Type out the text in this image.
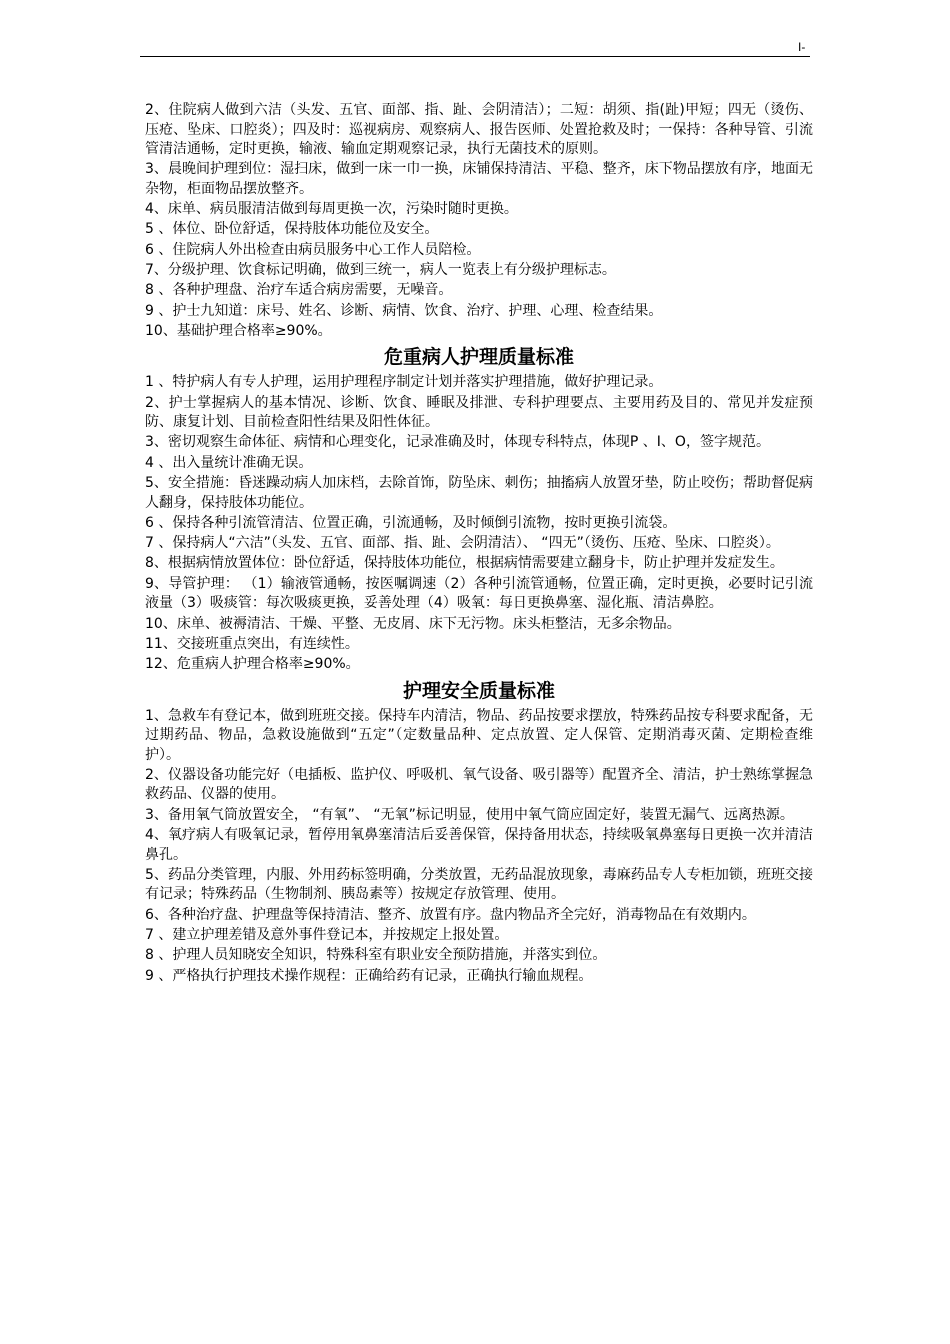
I-

2、住院病人做到六洁（头发、五官、面部、指、趾、会阴清洁）；二短：胡须、指(趾)甲短；四无（烫伤、压疮、坠床、口腔炎）；四及时：巡视病房、观察病人、报告医师、处置抢救及时；一保持：各种导管、引流管清洁通畅，定时更换，输液、输血定期观察记录，执行无菌技术的原则。

3、晨晚间护理到位：湿扫床，做到一床一巾一换，床铺保持清洁、平稳、整齐，床下物品摆放有序，地面无杂物，柜面物品摆放整齐。

4、床单、病员服清洁做到每周更换一次，污染时随时更换。

5 、体位、卧位舒适，保持肢体功能位及安全。

6 、住院病人外出检查由病员服务中心工作人员陪检。

7、分级护理、饮食标记明确，做到三统一，病人一览表上有分级护理标志。

8 、各种护理盘、治疗车适合病房需要，无噪音。

9 、护士九知道：床号、姓名、诊断、病情、饮食、治疗、护理、心理、检查结果。

10、基础护理合格率≥90%。

危重病人护理质量标准

1 、特护病人有专人护理，运用护理程序制定计划并落实护理措施，做好护理记录。

2、护士掌握病人的基本情况、诊断、饮食、睡眠及排泄、专科护理要点、主要用药及目的、常见并发症预防、康复计划、目前检查阳性结果及阳性体征。

3、密切观察生命体征、病情和心理变化，记录准确及时，体现专科特点，体现P 、I、O，签字规范。

4 、出入量统计准确无误。

5、安全措施：昏迷躁动病人加床档，去除首饰，防坠床、刺伤；抽搐病人放置牙垫，防止咬伤；帮助督促病人翻身，保持肢体功能位。

6 、保持各种引流管清洁、位置正确，引流通畅，及时倾倒引流物，按时更换引流袋。

7 、保持病人“六洁”（头发、五官、面部、指、趾、会阴清洁）、 “四无”（烫伤、压疮、坠床、口腔炎）。

8、根据病情放置体位：卧位舒适，保持肢体功能位，根据病情需要建立翻身卡，防止护理并发症发生。

9、导管护理： （1）输液管通畅，按医嘱调速（2）各种引流管通畅，位置正确，定时更换，必要时记引流液量（3）吸痰管：每次吸痰更换，妥善处理（4）吸氧：每日更换鼻塞、湿化瓶、清洁鼻腔。

10、床单、被褥清洁、干燥、平整、无皮屑、床下无污物。床头柜整洁，无多余物品。

11、交接班重点突出，有连续性。

12、危重病人护理合格率≥90%。

护理安全质量标准

1、急救车有登记本，做到班班交接。保持车内清洁，物品、药品按要求摆放，特殊药品按专科要求配备，无过期药品、物品，急救设施做到“五定”（定数量品种、定点放置、定人保管、定期消毒灭菌、定期检查维护）。

2、仪器设备功能完好（电插板、监护仪、呼吸机、氧气设备、吸引器等）配置齐全、清洁，护士熟练掌握急救药品、仪器的使用。

3、备用氧气筒放置安全， “有氧”、 “无氧”标记明显，使用中氧气筒应固定好，装置无漏气、远离热源。

4、氧疗病人有吸氧记录，暂停用氧鼻塞清洁后妥善保管，保持备用状态，持续吸氧鼻塞每日更换一次并清洁鼻孔。

5、药品分类管理，内服、外用药标签明确，分类放置，无药品混放现象，毒麻药品专人专柜加锁，班班交接有记录；特殊药品（生物制剂、胰岛素等）按规定存放管理、使用。

6、各种治疗盘、护理盘等保持清洁、整齐、放置有序。盘内物品齐全完好，消毒物品在有效期内。

7 、建立护理差错及意外事件登记本，并按规定上报处置。

8 、护理人员知晓安全知识，特殊科室有职业安全预防措施，并落实到位。

9 、严格执行护理技术操作规程：正确给药有记录，正确执行输血规程。
